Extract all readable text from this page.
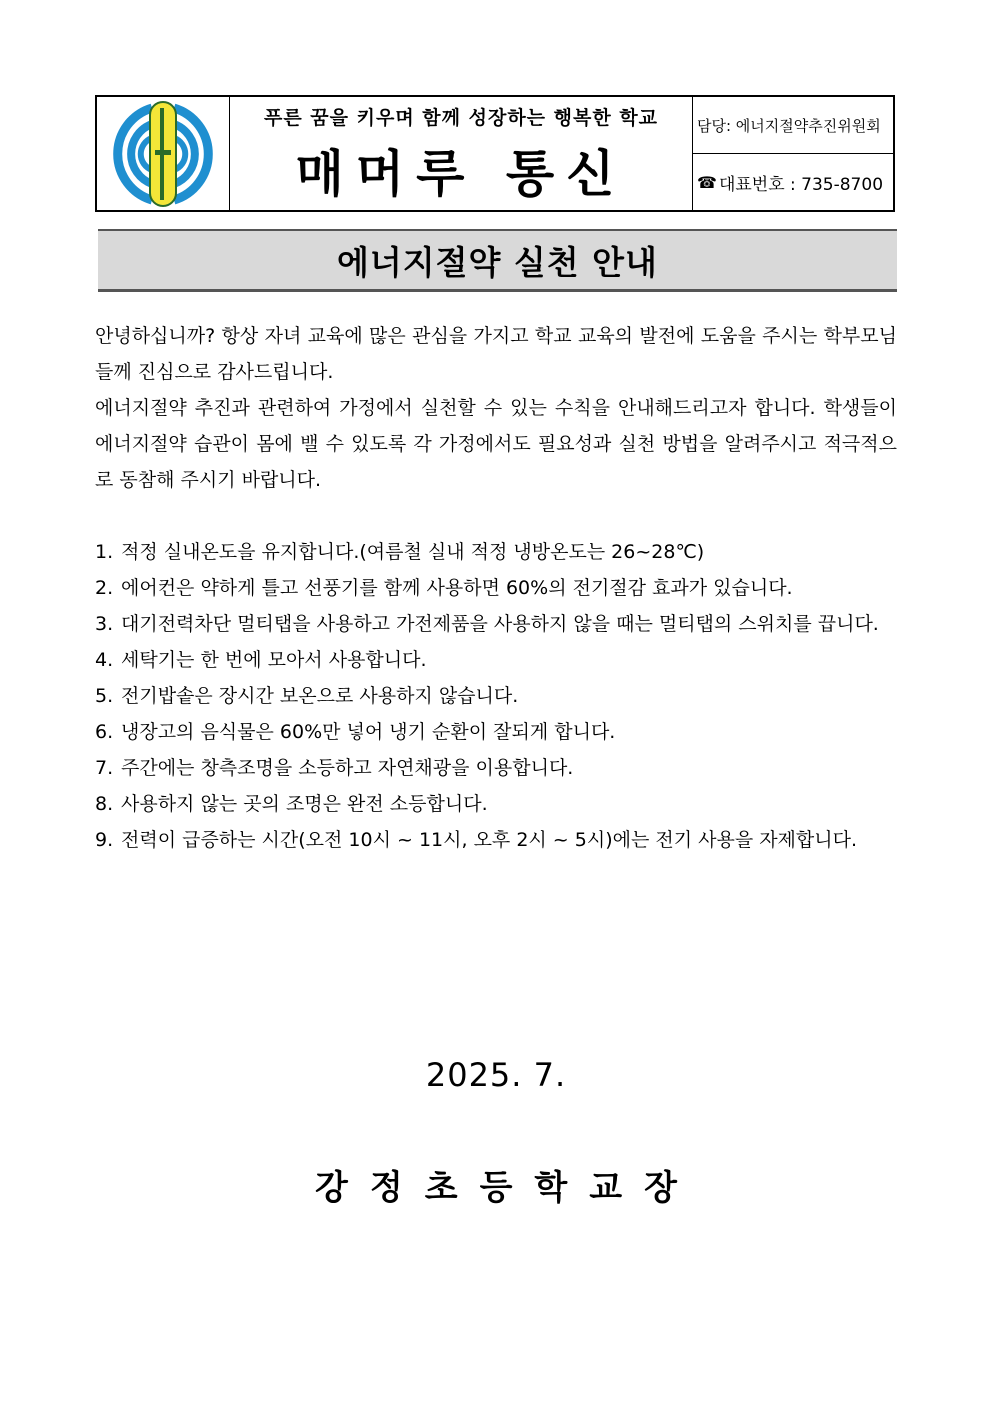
푸른 꿈을 키우며 함께 성장하는 행복한 학교
매머루 통신
담당: 에너지절약추진위원회
☎ 대표번호 : 735-8700
에너지절약 실천 안내

안녕하십니까? 항상 자녀 교육에 많은 관심을 가지고 학교 교육의 발전에 도움을 주시는 학부모님들께 진심으로 감사드립니다.

에너지절약 추진과 관련하여 가정에서 실천할 수 있는 수칙을 안내해드리고자 합니다. 학생들이 에너지절약 습관이 몸에 밸 수 있도록 각 가정에서도 필요성과 실천 방법을 알려주시고 적극적으로 동참해 주시기 바랍니다.

1. 적정 실내온도을 유지합니다.(여름철 실내 적정 냉방온도는 26~28℃)
2. 에어컨은 약하게 틀고 선풍기를 함께 사용하면 60%의 전기절감 효과가 있습니다.
3. 대기전력차단 멀티탭을 사용하고 가전제품을 사용하지 않을 때는 멀티탭의 스위치를 끕니다.
4. 세탁기는 한 번에 모아서 사용합니다.
5. 전기밥솥은 장시간 보온으로 사용하지 않습니다.
6. 냉장고의 음식물은 60%만 넣어 냉기 순환이 잘되게 합니다.
7. 주간에는 창측조명을 소등하고 자연채광을 이용합니다.
8. 사용하지 않는 곳의 조명은 완전 소등합니다.
9. 전력이 급증하는 시간(오전 10시 ~ 11시, 오후 2시 ~ 5시)에는 전기 사용을 자제합니다.
2025. 7.
강정초등학교장
